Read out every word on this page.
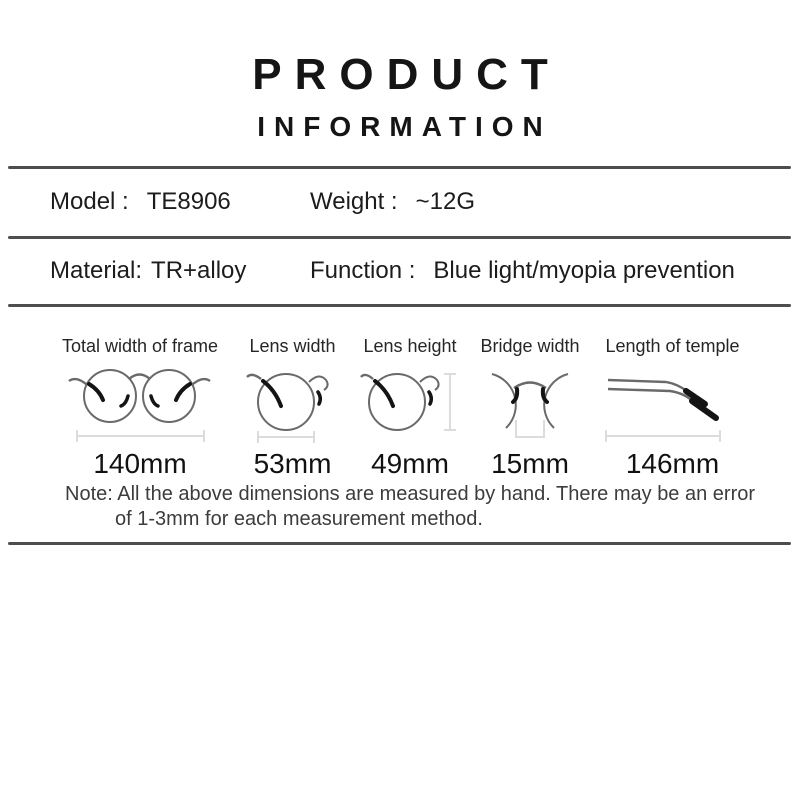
PRODUCT
INFORMATION
Model : TE8906	Weight : ~12G
Material: TR+alloy	Function : Blue light/myopia prevention
Total width of frame
140mm
Lens width
53mm
Lens height
49mm
Bridge width
15mm
Length of temple
146mm
Note: All the above dimensions are measured by hand. There may be an error
of 1-3mm for each measurement method.
